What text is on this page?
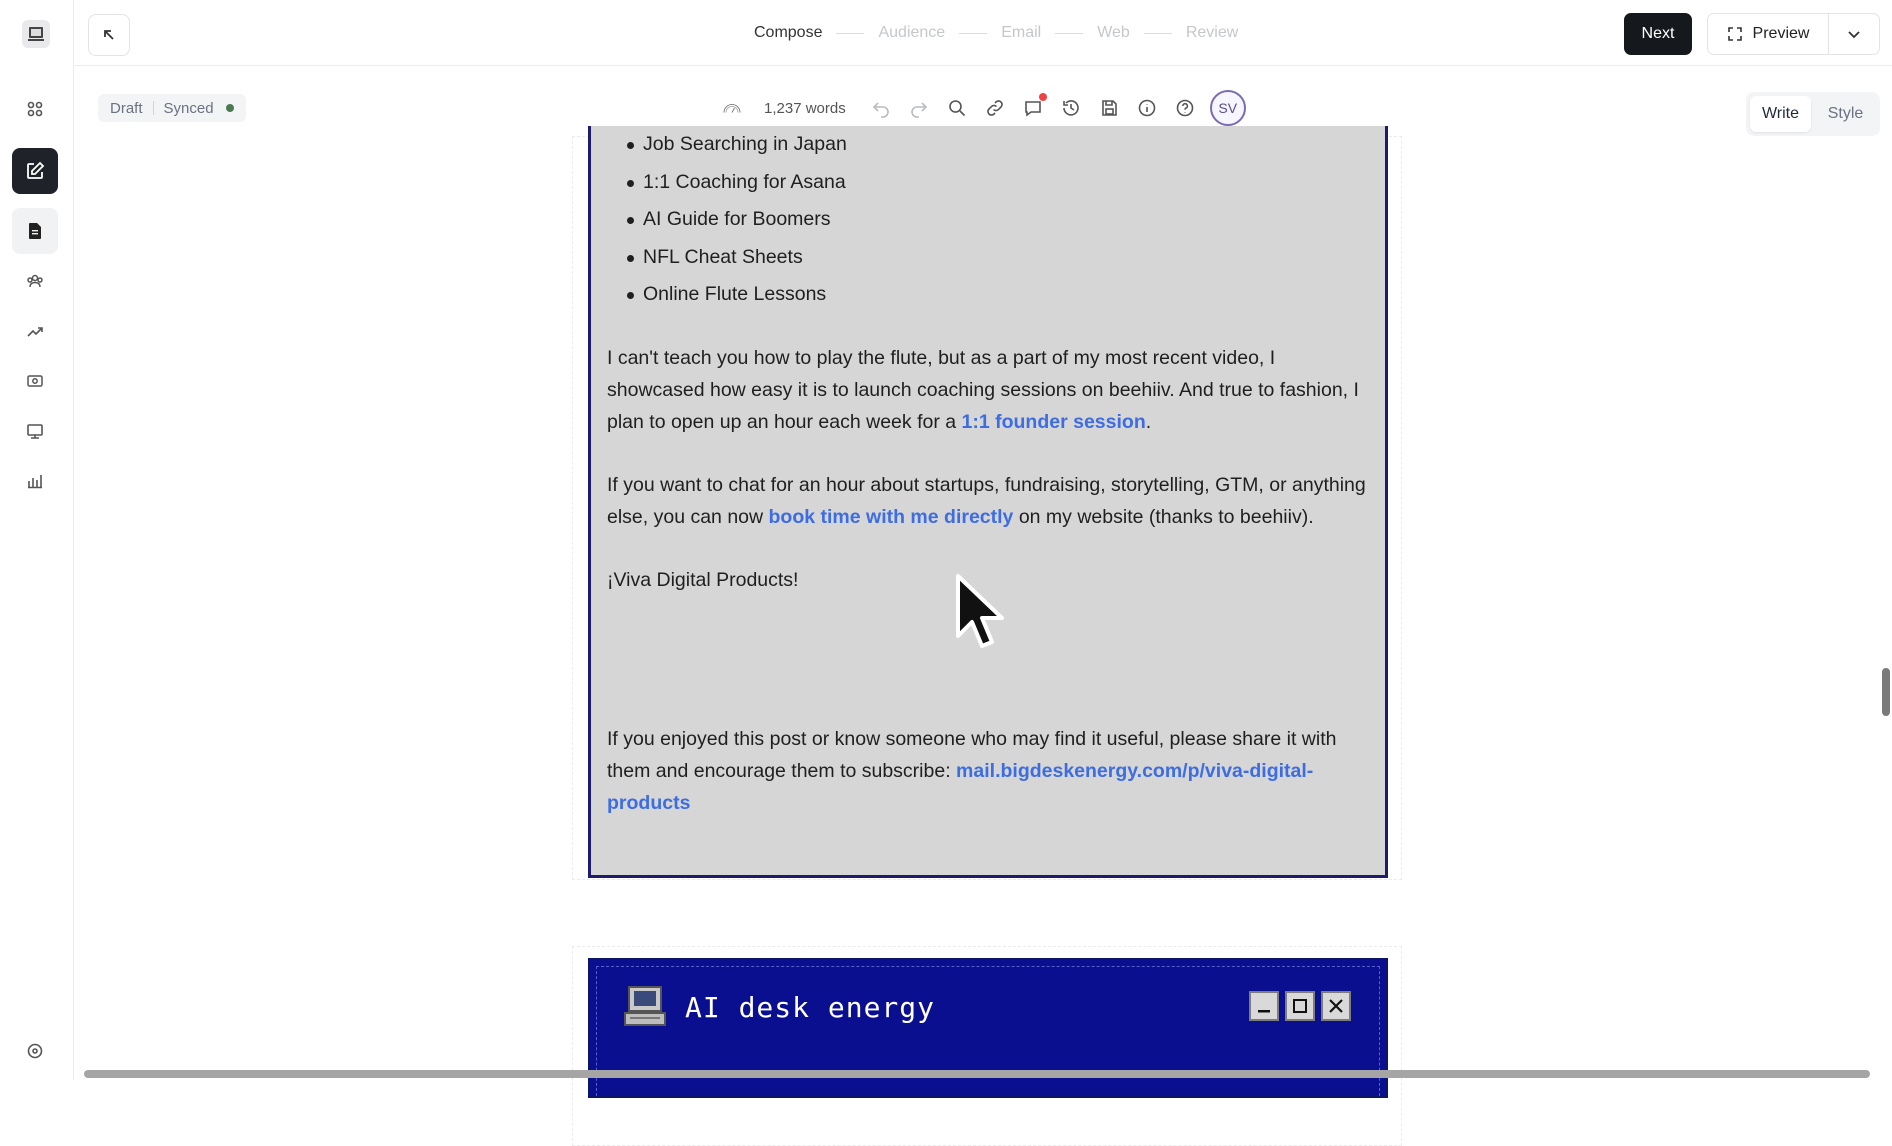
Compose	Audience	Email	Web	Review	Next	Preview
Draft Synced	1,237 words	SV	Write	Style
Job Searching in Japan
1:1 Coaching for Asana
AI Guide for Boomers
NFL Cheat Sheets
Online Flute Lessons

I can't teach you how to play the flute, but as a part of my most recent video, I showcased how easy it is to launch coaching sessions on beehiiv. And true to fashion, I plan to open up an hour each week for a 1:1 founder session.

If you want to chat for an hour about startups, fundraising, storytelling, GTM, or anything else, you can now book time with me directly on my website (thanks to beehiiv).

¡Viva Digital Products!

If you enjoyed this post or know someone who may find it useful, please share it with them and encourage them to subscribe: mail.bigdeskenergy.com/p/viva-digital-products

AI desk energy
